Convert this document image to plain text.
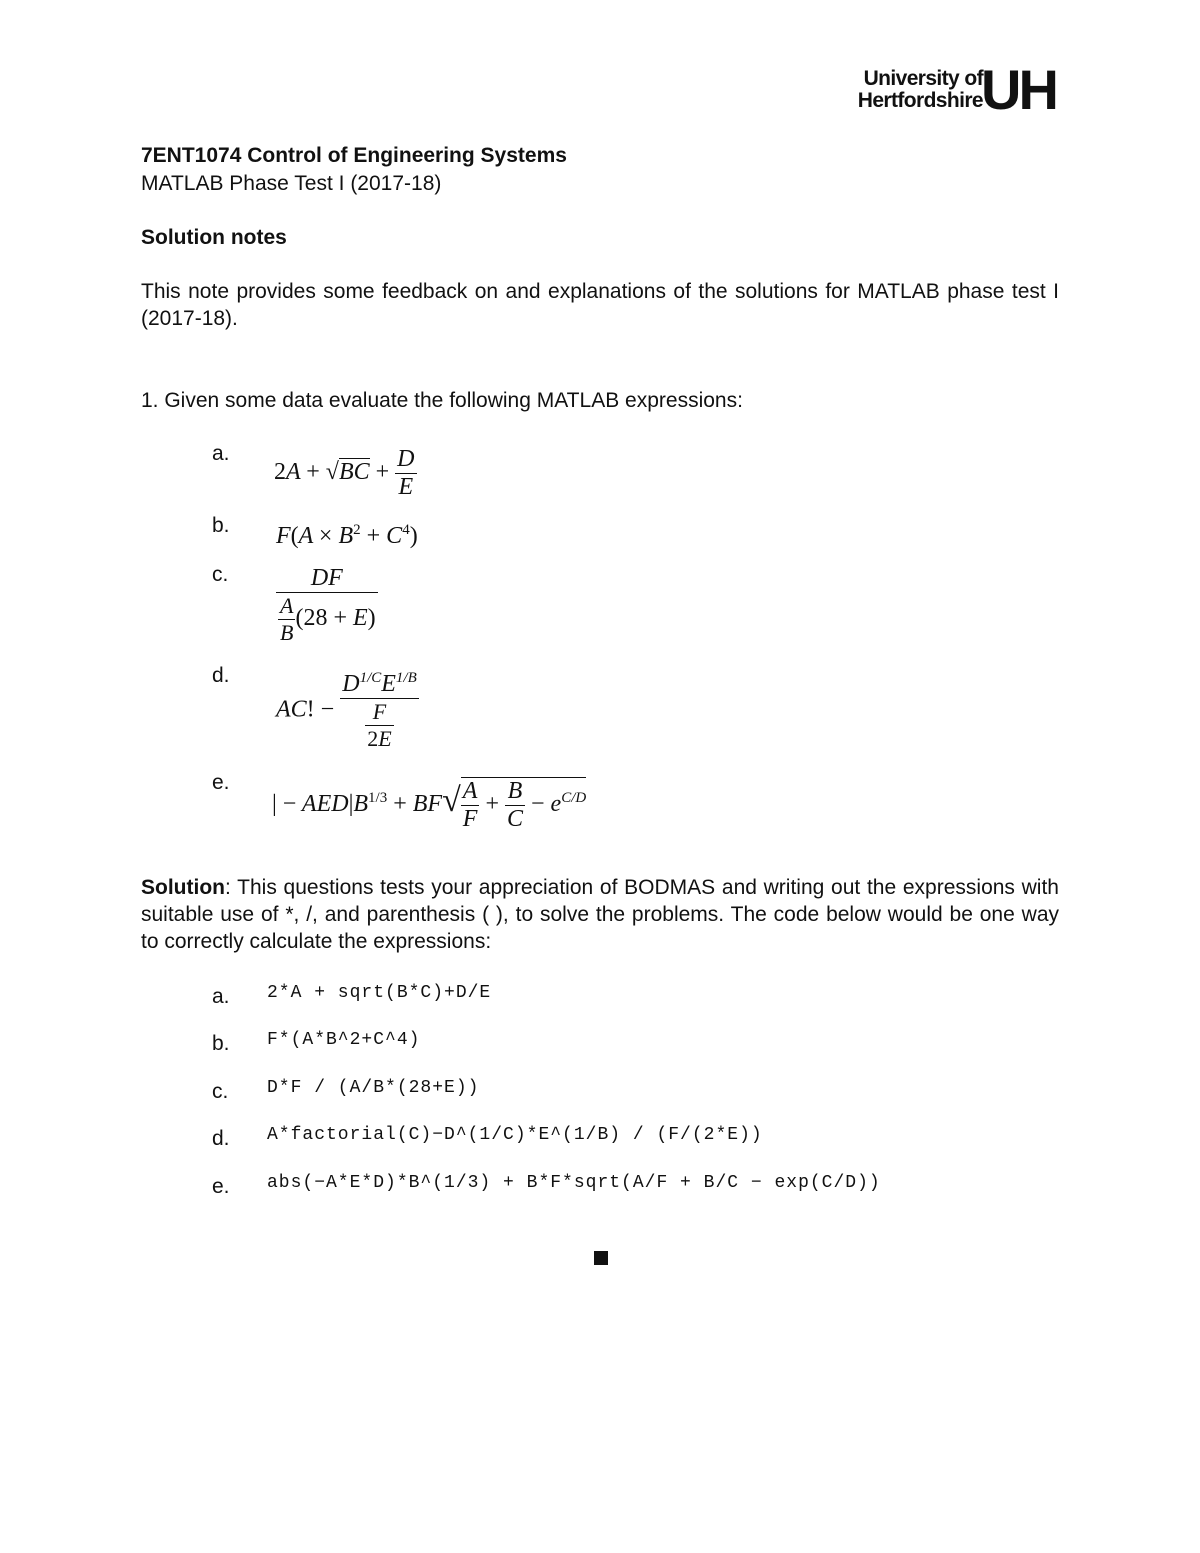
University of
Hertfordshire
UH
7ENT1074 Control of Engineering Systems
MATLAB Phase Test I (2017-18)
Solution notes
This note provides some feedback on and explanations of the solutions for MATLAB phase test I (2017-18).
1. Given some data evaluate the following MATLAB expressions:
a.
b.
c.
d.
e.
$2A + √BC + \frac{D}{E}$
$F(A \times B^2 + C^4)$
$\frac{DF}{\frac{A}{B} (28 + E)}$
AC! − $\frac{D^{1/C}E^{1/B}}{\frac{F}{2E}}$
| − $AED|B^{1/3} + BF√ \frac{A}{F} + \frac{B}{C} - e^{C/D}$
Solution: This questions tests your appreciation of BODMAS and writing out the expressions with suitable use of *, /, and parenthesis ( ), to solve the problems. The code below would be one way to correctly calculate the expressions:
a. 2*A + sqrt(B*C)+D/E
b. F*(A*B^2+C^4)
c. D*F / (A/B*(28+E))
d. A*factorial(C)−D^(1/C)*E^(1/B) / (F/(2*E))
e. abs(−A*E*D)*B^(1/3) + B*F*sqrt(A/F + B/C − exp(C/D))
